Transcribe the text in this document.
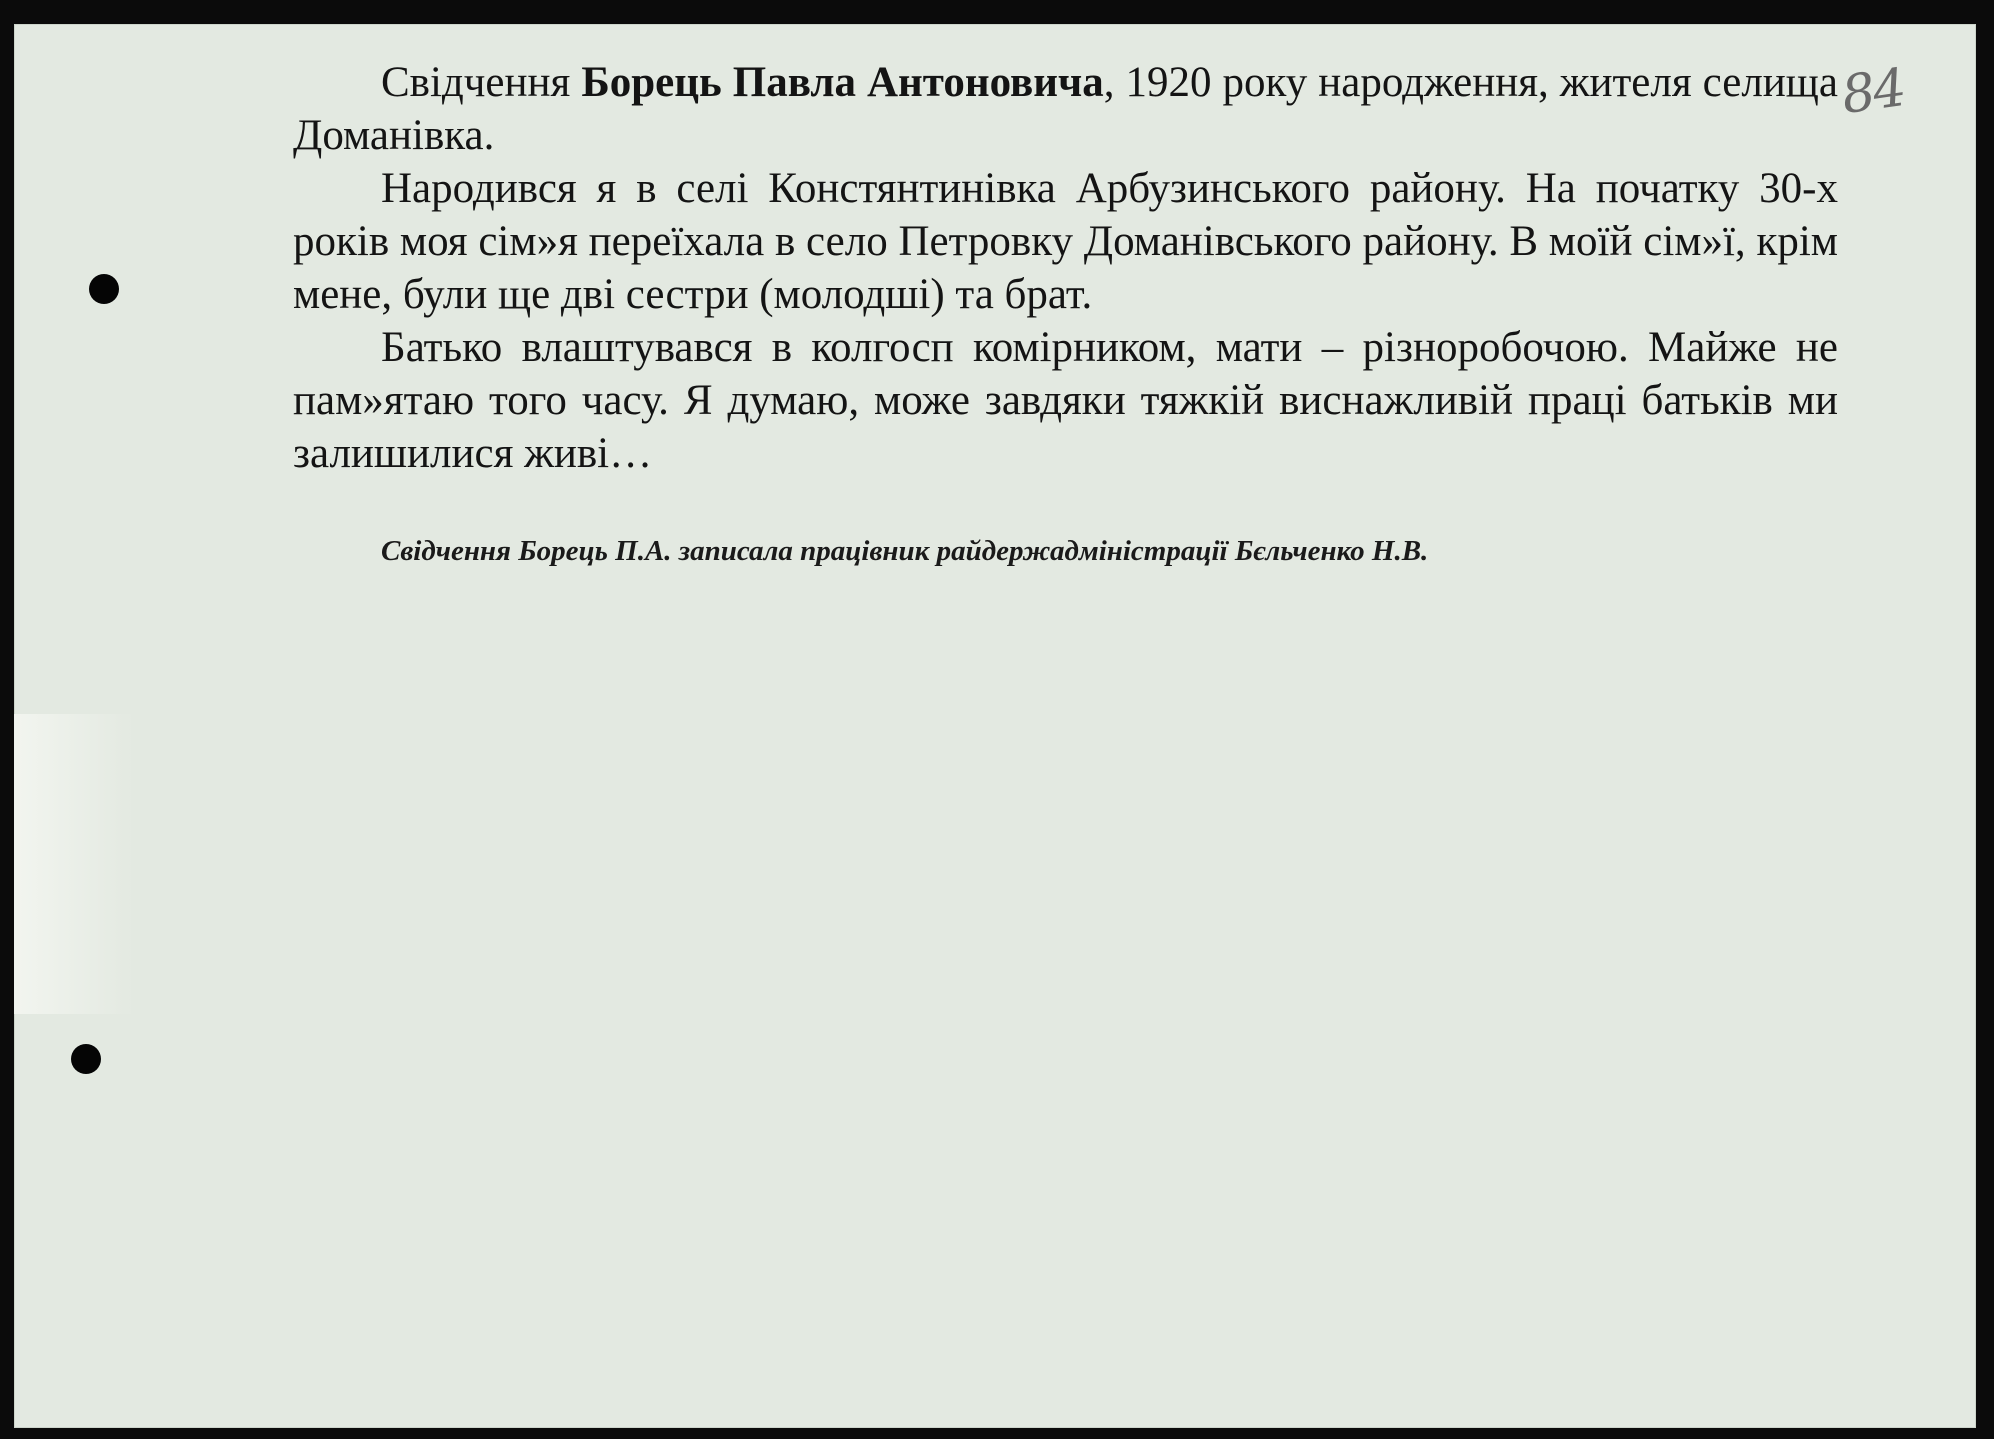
84

Свідчення Борець Павла Антоновича, 1920 року народження, жителя селища Доманівка.

Народився я в селі Констянтинівка Арбузинського району. На початку 30-х років моя сім»я переїхала в село Петровку Доманівського району. В моїй сім»ї, крім мене, були ще дві сестри (молодші) та брат.

Батько влаштувався в колгосп комірником, мати – різноробочою. Майже не пам»ятаю того часу. Я думаю, може завдяки тяжкій виснажливій праці батьків ми залишилися живі…

Свідчення Борець П.А. записала працівник райдержадміністрації Бєльченко Н.В.
